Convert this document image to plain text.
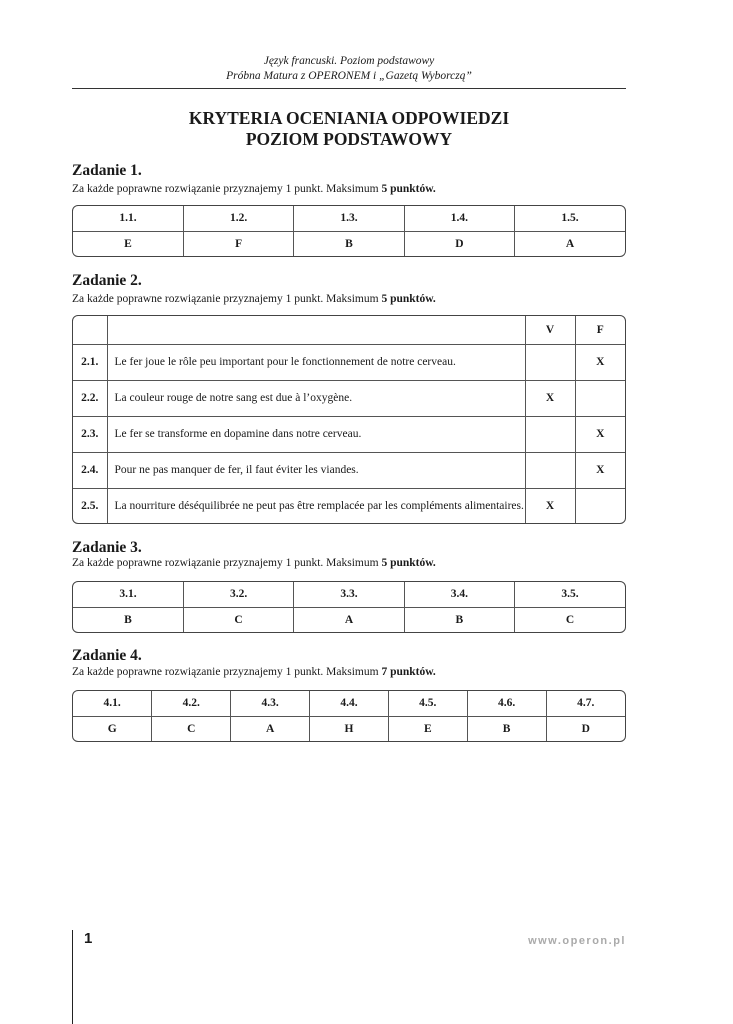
Język francuski. Poziom podstawowy
Próbna Matura z OPERONEM i „Gazetą Wyborczą”
KRYTERIA OCENIANIA ODPOWIEDZI
POZIOM PODSTAWOWY
Zadanie 1.
Za każde poprawne rozwiązanie przyznajemy 1 punkt. Maksimum 5 punktów.
1.1.	1.2.	1.3.	1.4.	1.5.
E	F	B	D	A
Zadanie 2.
Za każde poprawne rozwiązanie przyznajemy 1 punkt. Maksimum 5 punktów.
		V	F
2.1.	Le fer joue le rôle peu important pour le fonctionnement de notre cerveau.		X
2.2.	La couleur rouge de notre sang est due à l’oxygène.	X	
2.3.	Le fer se transforme en dopamine dans notre cerveau.		X
2.4.	Pour ne pas manquer de fer, il faut éviter les viandes.		X
2.5.	La nourriture déséquilibrée ne peut pas être remplacée par les compléments alimentaires.	X	
Zadanie 3.
Za każde poprawne rozwiązanie przyznajemy 1 punkt. Maksimum 5 punktów.
3.1.	3.2.	3.3.	3.4.	3.5.
B	C	A	B	C
Zadanie 4.
Za każde poprawne rozwiązanie przyznajemy 1 punkt. Maksimum 7 punktów.
4.1.	4.2.	4.3.	4.4.	4.5.	4.6.	4.7.
G	C	A	H	E	B	D
1	www.operon.pl
